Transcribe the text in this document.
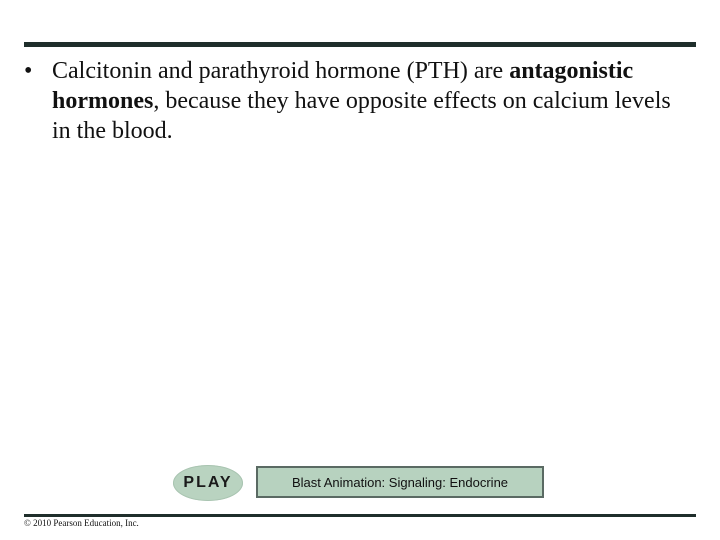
• Calcitonin and parathyroid hormone (PTH) are antagonistic hormones, because they have opposite effects on calcium levels in the blood.
PLAY	Blast Animation: Signaling: Endocrine
© 2010 Pearson Education, Inc.
